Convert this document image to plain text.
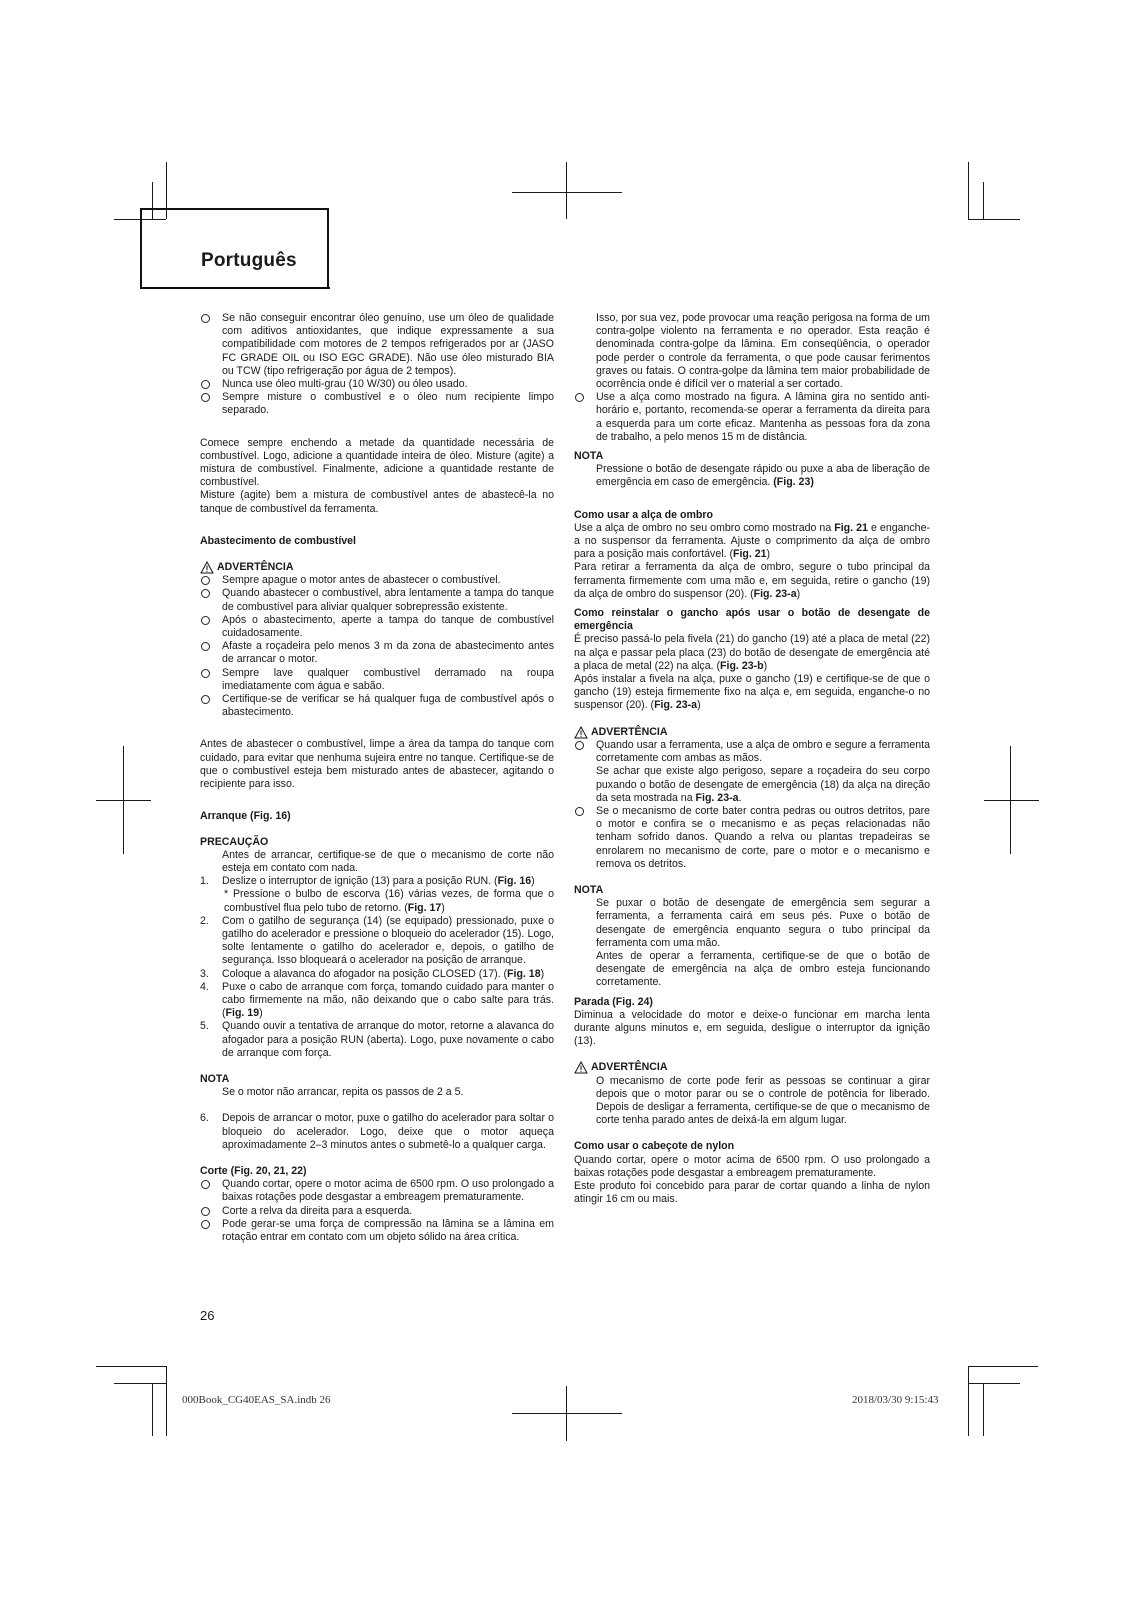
Português

Se não conseguir encontrar óleo genuíno, use um óleo de qualidade com aditivos antioxidantes, que indique expressamente a sua compatibilidade com motores de 2 tempos refrigerados por ar (JASO FC GRADE OIL ou ISO EGC GRADE). Não use óleo misturado BIA ou TCW (tipo refrigeração por água de 2 tempos).

Nunca use óleo multi-grau (10 W/30) ou óleo usado.

Sempre misture o combustível e o óleo num recipiente limpo separado.

Comece sempre enchendo a metade da quantidade necessária de combustível. Logo, adicione a quantidade inteira de óleo. Misture (agite) a mistura de combustível. Finalmente, adicione a quantidade restante de combustível.

Misture (agite) bem a mistura de combustível antes de abastecê-la no tanque de combustível da ferramenta.

Abastecimento de combustível

ADVERTÊNCIA

Sempre apague o motor antes de abastecer o combustível.

Quando abastecer o combustível, abra lentamente a tampa do tanque de combustível para aliviar qualquer sobrepressão existente.

Após o abastecimento, aperte a tampa do tanque de combustível cuidadosamente.

Afaste a roçadeira pelo menos 3 m da zona de abastecimento antes de arrancar o motor.

Sempre lave qualquer combustível derramado na roupa imediatamente com água e sabão.

Certifique-se de verificar se há qualquer fuga de combustível após o abastecimento.

Antes de abastecer o combustível, limpe a área da tampa do tanque com cuidado, para evitar que nenhuma sujeira entre no tanque. Certifique-se de que o combustível esteja bem misturado antes de abastecer, agitando o recipiente para isso.

Arranque (Fig. 16)

PRECAUÇÃO

Antes de arrancar, certifique-se de que o mecanismo de corte não esteja em contato com nada.

1. Deslize o interruptor de ignição (13) para a posição RUN. (Fig. 16)

* Pressione o bulbo de escorva (16) várias vezes, de forma que o combustível flua pelo tubo de retorno. (Fig. 17)

2. Com o gatilho de segurança (14) (se equipado) pressionado, puxe o gatilho do acelerador e pressione o bloqueio do acelerador (15). Logo, solte lentamente o gatilho do acelerador e, depois, o gatilho de segurança. Isso bloqueará o acelerador na posição de arranque.

3. Coloque a alavanca do afogador na posição CLOSED (17). (Fig. 18)

4. Puxe o cabo de arranque com força, tomando cuidado para manter o cabo firmemente na mão, não deixando que o cabo salte para trás. (Fig. 19)

5. Quando ouvir a tentativa de arranque do motor, retorne a alavanca do afogador para a posição RUN (aberta). Logo, puxe novamente o cabo de arranque com força.

NOTA

Se o motor não arrancar, repita os passos de 2 a 5.

6. Depois de arrancar o motor, puxe o gatilho do acelerador para soltar o bloqueio do acelerador. Logo, deixe que o motor aqueça aproximadamente 2–3 minutos antes o submetê-lo a qualquer carga.

Corte (Fig. 20, 21, 22)

Quando cortar, opere o motor acima de 6500 rpm. O uso prolongado a baixas rotações pode desgastar a embreagem prematuramente.

Corte a relva da direita para a esquerda.

Pode gerar-se uma força de compressão na lâmina se a lâmina em rotação entrar em contato com um objeto sólido na área crítica.

Isso, por sua vez, pode provocar uma reação perigosa na forma de um contra-golpe violento na ferramenta e no operador. Esta reação é denominada contra-golpe da lâmina. Em conseqüência, o operador pode perder o controle da ferramenta, o que pode causar ferimentos graves ou fatais. O contra-golpe da lâmina tem maior probabilidade de ocorrência onde é difícil ver o material a ser cortado.

Use a alça como mostrado na figura. A lâmina gira no sentido anti-horário e, portanto, recomenda-se operar a ferramenta da direita para a esquerda para um corte eficaz. Mantenha as pessoas fora da zona de trabalho, a pelo menos 15 m de distância.

NOTA

Pressione o botão de desengate rápido ou puxe a aba de liberação de emergência em caso de emergência. (Fig. 23)

Como usar a alça de ombro

Use a alça de ombro no seu ombro como mostrado na Fig. 21 e enganche-a no suspensor da ferramenta. Ajuste o comprimento da alça de ombro para a posição mais confortável. (Fig. 21)

Para retirar a ferramenta da alça de ombro, segure o tubo principal da ferramenta firmemente com uma mão e, em seguida, retire o gancho (19) da alça de ombro do suspensor (20). (Fig. 23-a)

Como reinstalar o gancho após usar o botão de desengate de emergência

É preciso passá-lo pela fivela (21) do gancho (19) até a placa de metal (22) na alça e passar pela placa (23) do botão de desengate de emergência até a placa de metal (22) na alça. (Fig. 23-b)

Após instalar a fivela na alça, puxe o gancho (19) e certifique-se de que o gancho (19) esteja firmemente fixo na alça e, em seguida, enganche-o no suspensor (20). (Fig. 23-a)

ADVERTÊNCIA

Quando usar a ferramenta, use a alça de ombro e segure a ferramenta corretamente com ambas as mãos.

Se achar que existe algo perigoso, separe a roçadeira do seu corpo puxando o botão de desengate de emergência (18) da alça na direção da seta mostrada na Fig. 23-a.

Se o mecanismo de corte bater contra pedras ou outros detritos, pare o motor e confira se o mecanismo e as peças relacionadas não tenham sofrido danos. Quando a relva ou plantas trepadeiras se enrolarem no mecanismo de corte, pare o motor e o mecanismo e remova os detritos.

NOTA

Se puxar o botão de desengate de emergência sem segurar a ferramenta, a ferramenta cairá em seus pés. Puxe o botão de desengate de emergência enquanto segura o tubo principal da ferramenta com uma mão.

Antes de operar a ferramenta, certifique-se de que o botão de desengate de emergência na alça de ombro esteja funcionando corretamente.

Parada (Fig. 24)

Diminua a velocidade do motor e deixe-o funcionar em marcha lenta durante alguns minutos e, em seguida, desligue o interruptor da ignição (13).

ADVERTÊNCIA

O mecanismo de corte pode ferir as pessoas se continuar a girar depois que o motor parar ou se o controle de potência for liberado. Depois de desligar a ferramenta, certifique-se de que o mecanismo de corte tenha parado antes de deixá-la em algum lugar.

Como usar o cabeçote de nylon

Quando cortar, opere o motor acima de 6500 rpm. O uso prolongado a baixas rotações pode desgastar a embreagem prematuramente.

Este produto foi concebido para parar de cortar quando a linha de nylon atingir 16 cm ou mais.

26
000Book_CG40EAS_SA.indb 26	2018/03/30 9:15:43
